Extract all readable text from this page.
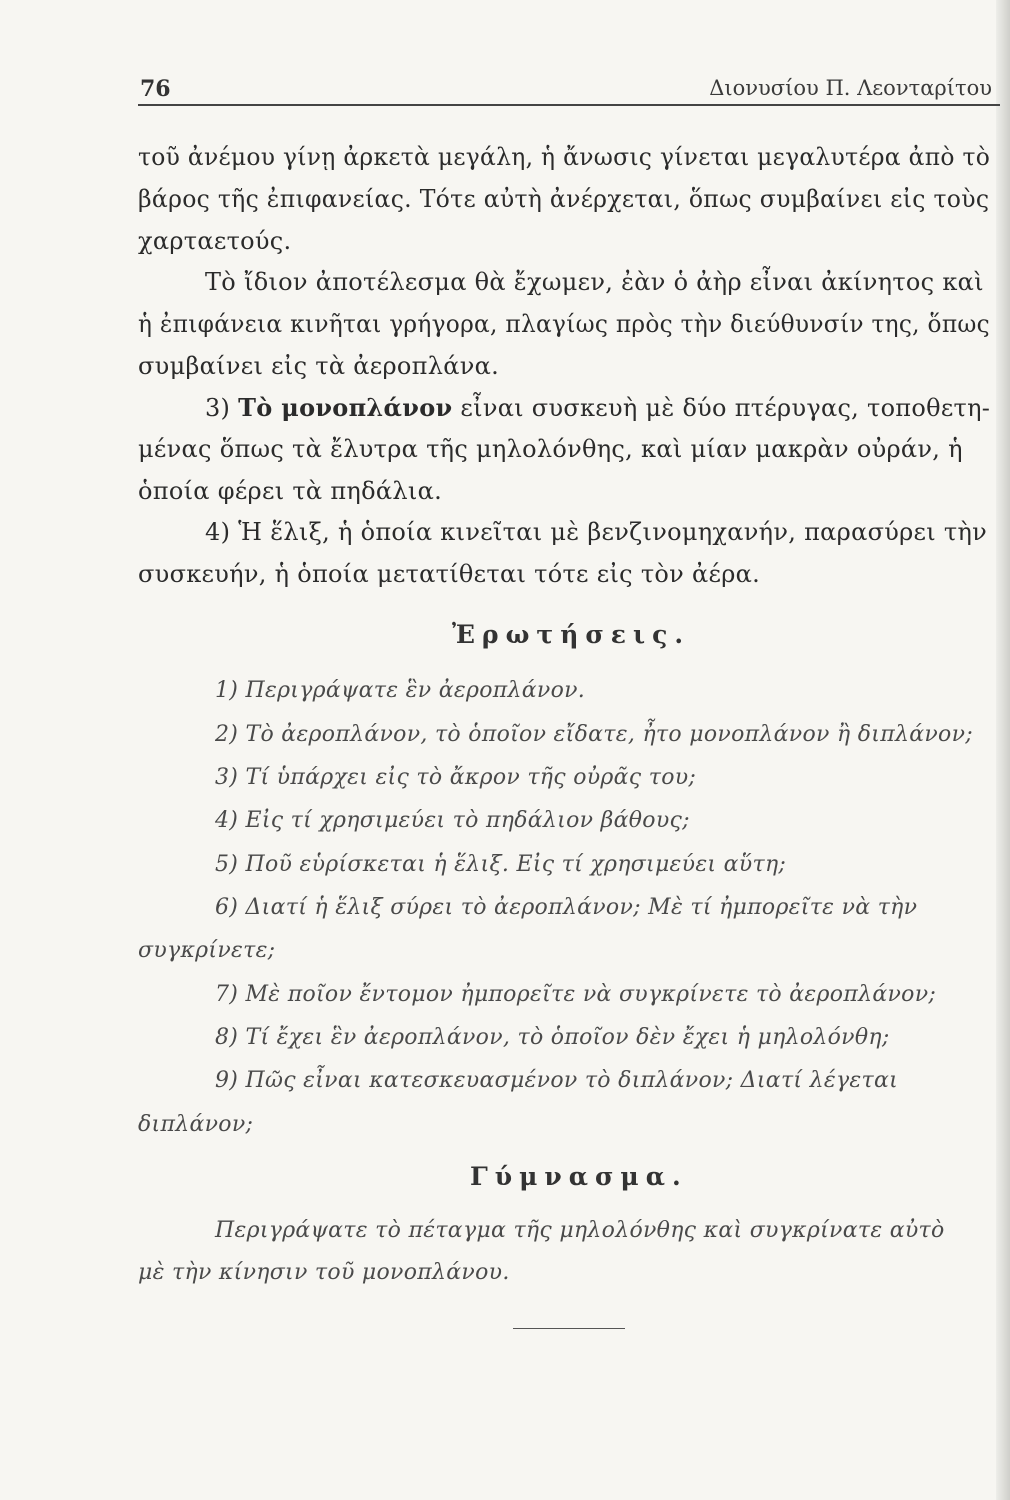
76	Διονυσίου Π. Λεονταρίτου
τοῦ ἀνέμου γίνῃ ἀρκετὰ μεγάλη, ἡ ἄνωσις γίνεται μεγαλυτέρα ἀπὸ τὸ
βάρος τῆς ἐπιφανείας. Τότε αὐτὴ ἀνέρχεται, ὅπως συμβαίνει εἰς τοὺς
χαρταετούς.
Τὸ ἴδιον ἀποτέλεσμα θὰ ἔχωμεν, ἐὰν ὁ ἀὴρ εἶναι ἀκίνητος καὶ
ἡ ἐπιφάνεια κινῆται γρήγορα, πλαγίως πρὸς τὴν διεύθυνσίν της, ὅπως
συμβαίνει εἰς τὰ ἀεροπλάνα.
3) Τὸ μονοπλάνον εἶναι συσκευὴ μὲ δύο πτέρυγας, τοποθετη-
μένας ὅπως τὰ ἔλυτρα τῆς μηλολόνθης, καὶ μίαν μακρὰν οὐράν, ἡ
ὁποία φέρει τὰ πηδάλια.
4) Ἡ ἕλιξ, ἡ ὁποία κινεῖται μὲ βενζινομηχανήν, παρασύρει τὴν
συσκευήν, ἡ ὁποία μετατίθεται τότε εἰς τὸν ἀέρα.
Ἐρωτήσεις.
1) Περιγράψατε ἓν ἀεροπλάνον.
2) Τὸ ἀεροπλάνον, τὸ ὁποῖον εἴδατε, ἦτο μονοπλάνον ἢ διπλάνον;
3) Τί ὑπάρχει εἰς τὸ ἄκρον τῆς οὐρᾶς του;
4) Εἰς τί χρησιμεύει τὸ πηδάλιον βάθους;
5) Ποῦ εὑρίσκεται ἡ ἕλιξ. Εἰς τί χρησιμεύει αὕτη;
6) Διατί ἡ ἕλιξ σύρει τὸ ἀεροπλάνον; Μὲ τί ἠμπορεῖτε νὰ τὴν
συγκρίνετε;
7) Μὲ ποῖον ἔντομον ἠμπορεῖτε νὰ συγκρίνετε τὸ ἀεροπλάνον;
8) Τί ἔχει ἓν ἀεροπλάνον, τὸ ὁποῖον δὲν ἔχει ἡ μηλολόνθη;
9) Πῶς εἶναι κατεσκευασμένον τὸ διπλάνον; Διατί λέγεται
διπλάνον;
Γύμνασμα.
Περιγράψατε τὸ πέταγμα τῆς μηλολόνθης καὶ συγκρίνατε αὐτὸ
μὲ τὴν κίνησιν τοῦ μονοπλάνου.
